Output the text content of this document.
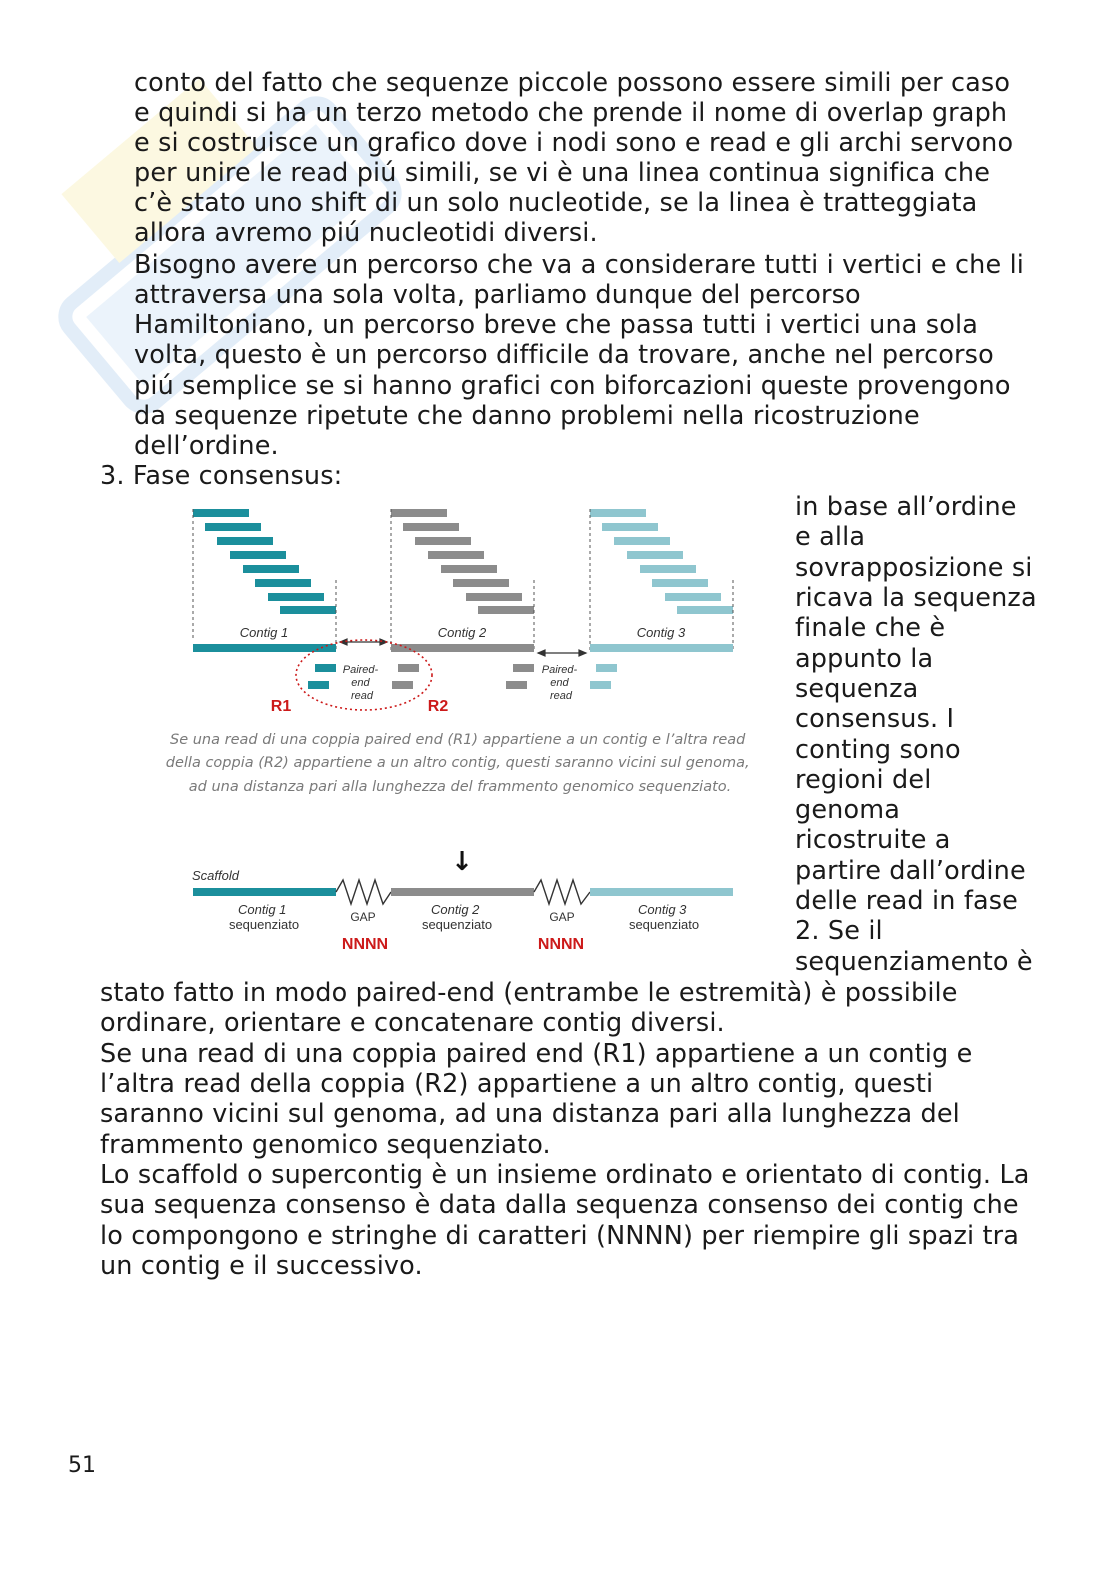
conto del fatto che sequenze piccole possono essere simili per caso
e quindi si ha un terzo metodo che prende il nome di overlap graph
e si costruisce un grafico dove i nodi sono e read e gli archi servono
per unire le read piú simili, se vi è una linea continua significa che
c’è stato uno shift di un solo nucleotide, se la linea è tratteggiata
allora avremo piú nucleotidi diversi.
Bisogno avere un percorso che va a considerare tutti i vertici e che li
attraversa una sola volta, parliamo dunque del percorso
Hamiltoniano, un percorso breve che passa tutti i vertici una sola
volta, questo è un percorso difficile da trovare, anche nel percorso
piú semplice se si hanno grafici con biforcazioni queste provengono
da sequenze ripetute che danno problemi nella ricostruzione
dell’ordine.
3. Fase consensus:
in base all’ordine
e alla
sovrapposizione si
ricava la sequenza
finale che è
appunto la
sequenza
consensus. I
conting sono
regioni del
genoma
ricostruite a
partire dall’ordine
delle read in fase
2. Se il
sequenziamento è
Contig 1	Contig 2	Contig 3
Paired- end read
R1	R2
Paired- end read
Se una read di una coppia paired end (R1) appartiene a un contig e l’altra read della coppia (R2) appartiene a un altro contig, questi saranno vicini sul genoma, ad una distanza pari alla lunghezza del frammento genomico sequenziato.
↓
Scaffold
Contig 1 sequenziato
Contig 2 sequenziato
Contig 3 sequenziato
GAP	GAP
NNNN	NNNN
stato fatto in modo paired-end (entrambe le estremità) è possibile
ordinare, orientare e concatenare contig diversi.
Se una read di una coppia paired end (R1) appartiene a un contig e
l’altra read della coppia (R2) appartiene a un altro contig, questi
saranno vicini sul genoma, ad una distanza pari alla lunghezza del
frammento genomico sequenziato.
Lo scaffold o supercontig è un insieme ordinato e orientato di contig. La
sua sequenza consenso è data dalla sequenza consenso dei contig che
lo compongono e stringhe di caratteri (NNNN) per riempire gli spazi tra
un contig e il successivo.
51
